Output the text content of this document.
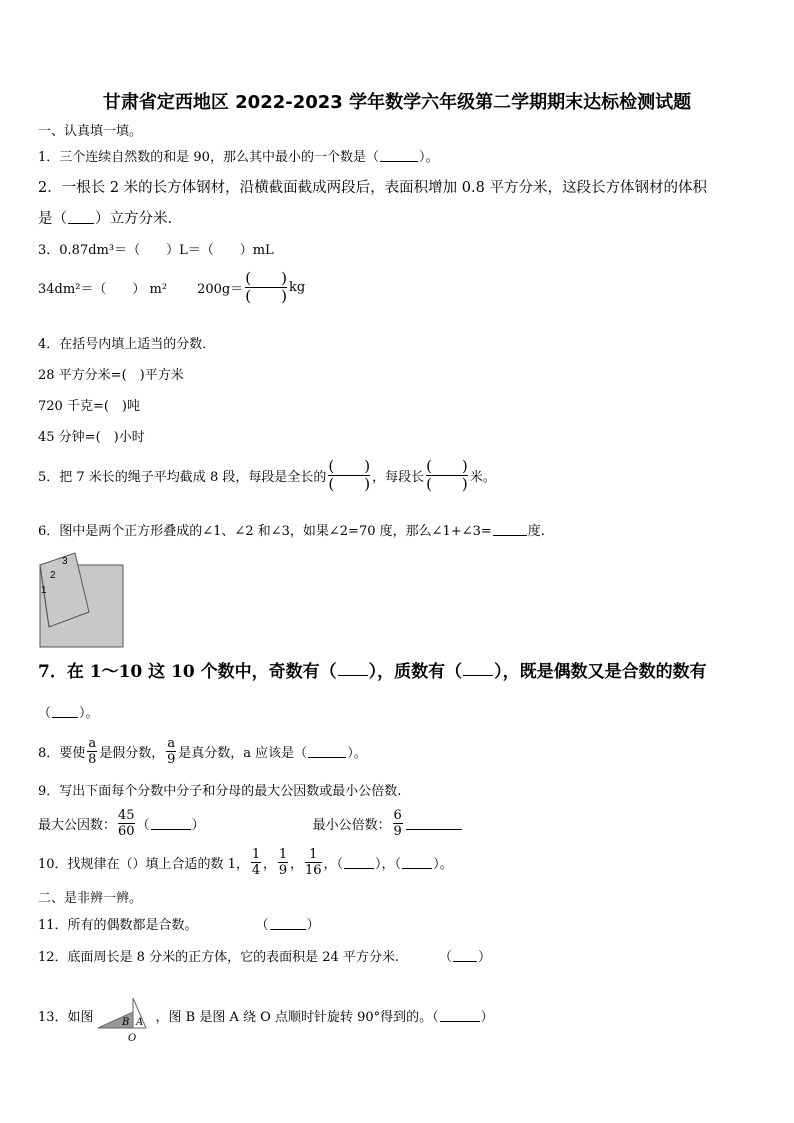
甘肃省定西地区 2022-2023 学年数学六年级第二学期期末达标检测试题
一、认真填一填。
1．三个连续自然数的和是 90，那么其中最小的一个数是（	）。
2．一根长 2 米的长方体钢材，沿横截面截成两段后，表面积增加 0.8 平方分米，这段长方体钢材的体积
是（ ）立方分米.
3．0.87dm³＝（　　）L＝（　　）mL
34dm²＝（　　） m² 200g＝
(　　)
(　　) kg
4．在括号内填上适当的分数．
28 平方分米=(　)平方米
720 千克=(　)吨
45 分钟=(　)小时
5．把 7 米长的绳子平均截成 8 段，每段是全长的
(　　)
(　　) ，每段长
(　　)
(　　) 米。
6．图中是两个正方形叠成的∠1、∠2 和∠3，如果∠2=70 度，那么∠1+∠3=	度.
3
2
1
7．在 1～10 这 10 个数中，奇数有（ ），质数有（ ），既是偶数又是合数的数有
（ ）。
8．要使
a
8 是假分数，
a
9 是真分数，a 应该是（	）。
9．写出下面每个分数中分子和分母的最大公因数或最小公倍数.
最大公因数：
45
60 （	）	最小公倍数：
6
9
10．找规律在（）填上合适的数 1，
1
4 ，
1
9 ，
1
16 ，（ ），（ ）。
二、是非辨一辨。
11．所有的偶数都是合数。	（	）
12．底面周长是 8 分米的正方体，它的表面积是 24 平方分米.	（ ）
13．如图	B A
O
，图 B 是图 A 绕 O 点顺时针旋转 90°得到的。（	）
